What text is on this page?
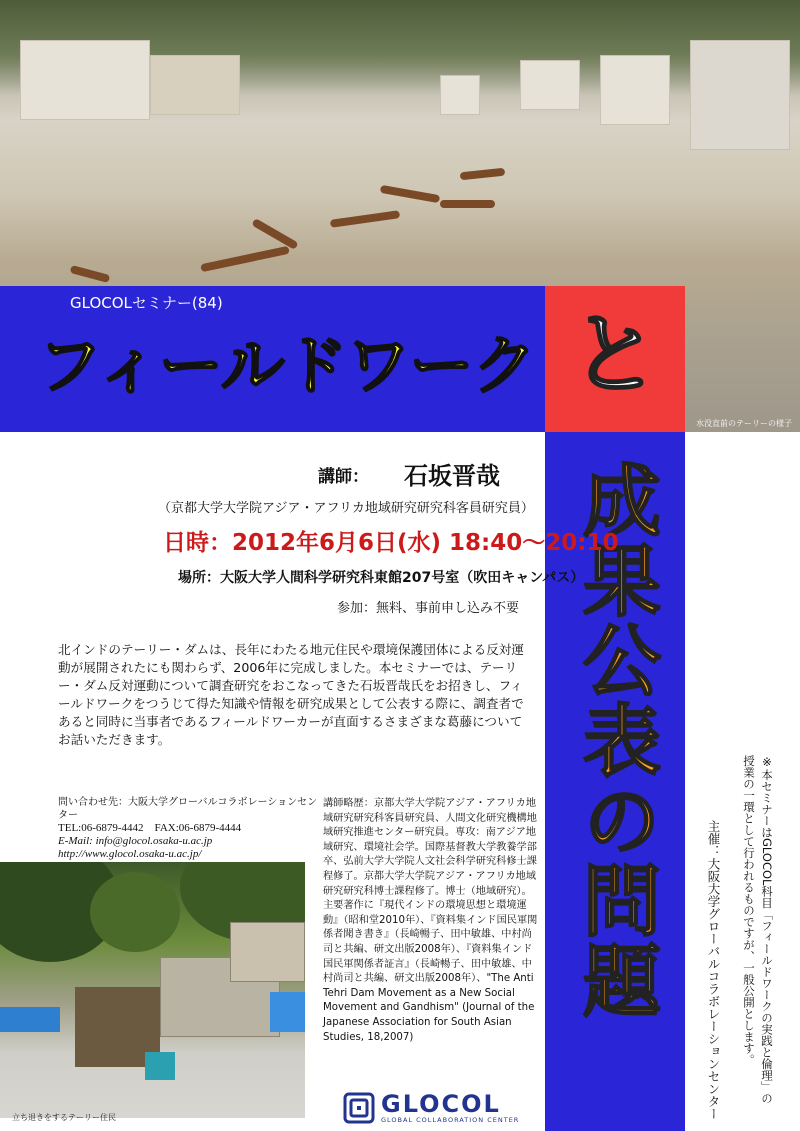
水没直前のテーリーの様子
GLOCOLセミナー(84)
フィールドワーク と
成果公表の問題
講師： 石坂晋哉
（京都大学大学院アジア・アフリカ地域研究研究科客員研究員）
日時：2012年6月6日(水) 18:40～20:10
場所：大阪大学人間科学研究科東館207号室（吹田キャンパス）
参加：無料、事前申し込み不要

北インドのテーリー・ダムは、長年にわたる地元住民や環境保護団体による反対運動が展開されたにも関わらず、2006年に完成しました。本セミナーでは、テーリー・ダム反対運動について調査研究をおこなってきた石坂晋哉氏をお招きし、フィールドワークをつうじて得た知識や情報を研究成果として公表する際に、調査者であると同時に当事者であるフィールドワーカーが直面するさまざまな葛藤についてお話いただきます。

問い合わせ先：大阪大学グローバルコラボレーションセンター
TEL:06-6879-4442　FAX:06-6879-4444
E-Mail: info@glocol.osaka-u.ac.jp
http://www.glocol.osaka-u.ac.jp/

講師略歴：京都大学大学院アジア・アフリカ地域研究研究科客員研究員、人間文化研究機構地域研究推進センター研究員。専攻：南アジア地域研究、環境社会学。国際基督教大学教養学部卒、弘前大学大学院人文社会科学研究科修士課程修了。京都大学大学院アジア・アフリカ地域研究研究科博士課程修了。博士（地域研究）。主要著作に『現代インドの環境思想と環境運動』（昭和堂2010年）、『資料集インド国民軍関係者聞き書き』（長崎暢子、田中敏雄、中村尚司と共編、研文出版2008年）、『資料集インド国民軍関係者証言』（長崎暢子、田中敏雄、中村尚司と共編、研文出版2008年）、"The Anti Tehri Dam Movement as a New Social Movement and Gandhism" (Journal of the Japanese Association for South Asian Studies, 18,2007)

立ち退きをするテーリー住民	GLOCOL
GLOBAL COLLABORATION CENTER
※本セミナーはGLOCOL科目「フィールドワークの実践と倫理」の授業の一環として行われるものですが、一般公開とします。
主催：大阪大学グローバルコラボレーションセンター
